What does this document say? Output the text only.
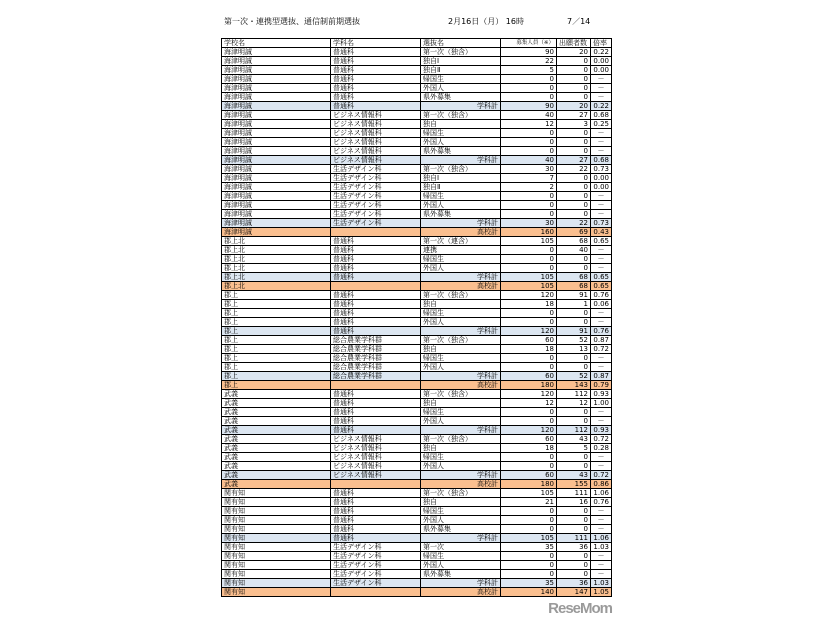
第一次・連携型選抜、通信制前期選抜	2月16日（月） 16時	7／14
学校名	学科名	選抜名	募集人員（※）	出願者数	倍率
海津明誠	普通科	第一次（独含）	90	20	0.22
海津明誠	普通科	独自Ⅰ	22	0	0.00
海津明誠	普通科	独自Ⅱ	5	0	0.00
海津明誠	普通科	帰国生	0	0	－
海津明誠	普通科	外国人	0	0	－
海津明誠	普通科	県外募集	0	0	－
海津明誠	普通科	学科計	90	20	0.22
海津明誠	ビジネス情報科	第一次（独含）	40	27	0.68
海津明誠	ビジネス情報科	独自	12	3	0.25
海津明誠	ビジネス情報科	帰国生	0	0	－
海津明誠	ビジネス情報科	外国人	0	0	－
海津明誠	ビジネス情報科	県外募集	0	0	－
海津明誠	ビジネス情報科	学科計	40	27	0.68
海津明誠	生活デザイン科	第一次（独含）	30	22	0.73
海津明誠	生活デザイン科	独自Ⅰ	7	0	0.00
海津明誠	生活デザイン科	独自Ⅱ	2	0	0.00
海津明誠	生活デザイン科	帰国生	0	0	－
海津明誠	生活デザイン科	外国人	0	0	－
海津明誠	生活デザイン科	県外募集	0	0	－
海津明誠	生活デザイン科	学科計	30	22	0.73
海津明誠		高校計	160	69	0.43
郡上北	普通科	第一次（連含）	105	68	0.65
郡上北	普通科	連携	0	40	－
郡上北	普通科	帰国生	0	0	－
郡上北	普通科	外国人	0	0	－
郡上北	普通科	学科計	105	68	0.65
郡上北		高校計	105	68	0.65
郡上	普通科	第一次（独含）	120	91	0.76
郡上	普通科	独自	18	1	0.06
郡上	普通科	帰国生	0	0	－
郡上	普通科	外国人	0	0	－
郡上	普通科	学科計	120	91	0.76
郡上	総合農業学科群	第一次（独含）	60	52	0.87
郡上	総合農業学科群	独自	18	13	0.72
郡上	総合農業学科群	帰国生	0	0	－
郡上	総合農業学科群	外国人	0	0	－
郡上	総合農業学科群	学科計	60	52	0.87
郡上		高校計	180	143	0.79
武義	普通科	第一次（独含）	120	112	0.93
武義	普通科	独自	12	12	1.00
武義	普通科	帰国生	0	0	－
武義	普通科	外国人	0	0	－
武義	普通科	学科計	120	112	0.93
武義	ビジネス情報科	第一次（独含）	60	43	0.72
武義	ビジネス情報科	独自	18	5	0.28
武義	ビジネス情報科	帰国生	0	0	－
武義	ビジネス情報科	外国人	0	0	－
武義	ビジネス情報科	学科計	60	43	0.72
武義		高校計	180	155	0.86
関有知	普通科	第一次（独含）	105	111	1.06
関有知	普通科	独自	21	16	0.76
関有知	普通科	帰国生	0	0	－
関有知	普通科	外国人	0	0	－
関有知	普通科	県外募集	0	0	－
関有知	普通科	学科計	105	111	1.06
関有知	生活デザイン科	第一次	35	36	1.03
関有知	生活デザイン科	帰国生	0	0	－
関有知	生活デザイン科	外国人	0	0	－
関有知	生活デザイン科	県外募集	0	0	－
関有知	生活デザイン科	学科計	35	36	1.03
関有知		高校計	140	147	1.05
ReseMom
